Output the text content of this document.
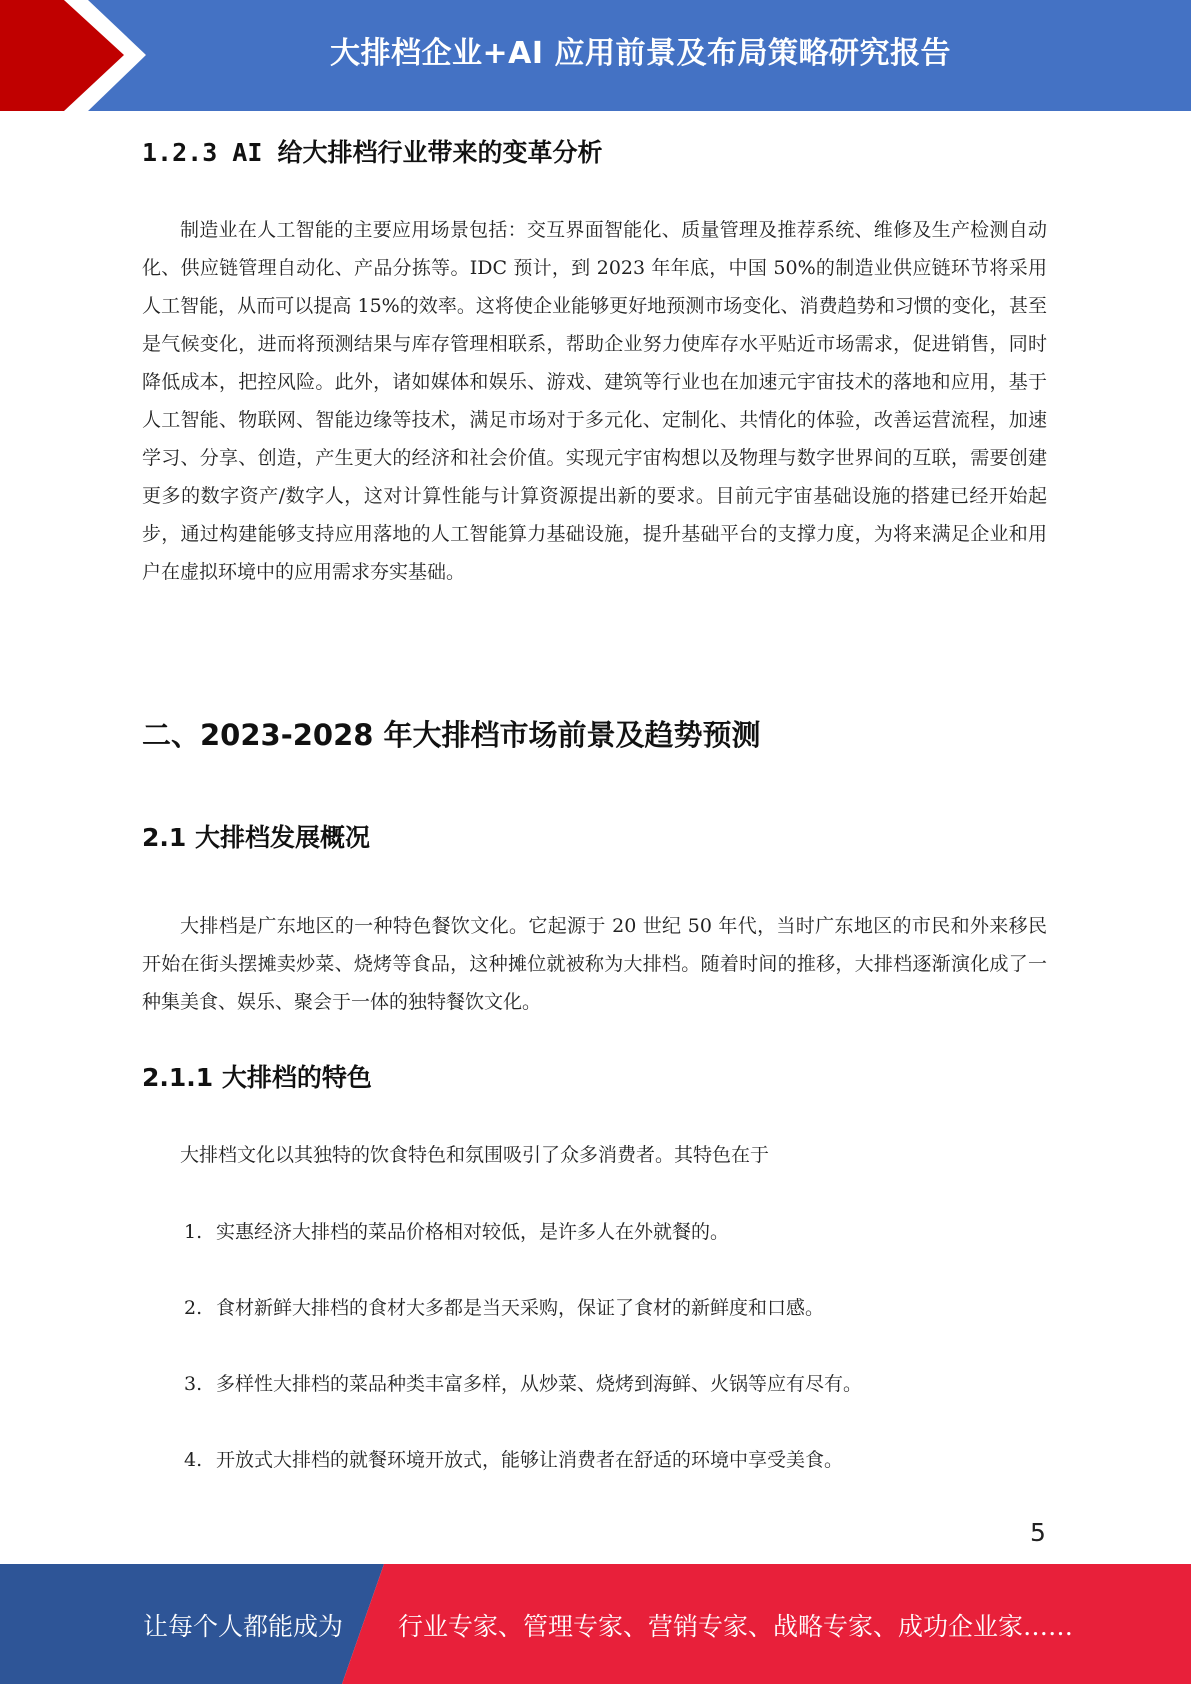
大排档企业+AI 应用前景及布局策略研究报告
1.2.3 AI 给大排档行业带来的变革分析

制造业在人工智能的主要应用场景包括：交互界面智能化、质量管理及推荐系统、维修及生产检测自动化、供应链管理自动化、产品分拣等。IDC 预计，到 2023 年年底，中国 50%的制造业供应链环节将采用人工智能，从而可以提高 15%的效率。这将使企业能够更好地预测市场变化、消费趋势和习惯的变化，甚至是气候变化，进而将预测结果与库存管理相联系，帮助企业努力使库存水平贴近市场需求，促进销售，同时降低成本，把控风险。此外，诸如媒体和娱乐、游戏、建筑等行业也在加速元宇宙技术的落地和应用，基于人工智能、物联网、智能边缘等技术，满足市场对于多元化、定制化、共情化的体验，改善运营流程，加速学习、分享、创造，产生更大的经济和社会价值。实现元宇宙构想以及物理与数字世界间的互联，需要创建更多的数字资产/数字人，这对计算性能与计算资源提出新的要求。目前元宇宙基础设施的搭建已经开始起步，通过构建能够支持应用落地的人工智能算力基础设施，提升基础平台的支撑力度，为将来满足企业和用户在虚拟环境中的应用需求夯实基础。

二、2023-2028 年大排档市场前景及趋势预测
2.1 大排档发展概况

大排档是广东地区的一种特色餐饮文化。它起源于 20 世纪 50 年代，当时广东地区的市民和外来移民开始在街头摆摊卖炒菜、烧烤等食品，这种摊位就被称为大排档。随着时间的推移，大排档逐渐演化成了一种集美食、娱乐、聚会于一体的独特餐饮文化。

2.1.1 大排档的特色

大排档文化以其独特的饮食特色和氛围吸引了众多消费者。其特色在于

1. 实惠经济大排档的菜品价格相对较低，是许多人在外就餐的。
2. 食材新鲜大排档的食材大多都是当天采购，保证了食材的新鲜度和口感。
3. 多样性大排档的菜品种类丰富多样，从炒菜、烧烤到海鲜、火锅等应有尽有。
4. 开放式大排档的就餐环境开放式，能够让消费者在舒适的环境中享受美食。
5
让每个人都能成为 行业专家、管理专家、营销专家、战略专家、成功企业家……
